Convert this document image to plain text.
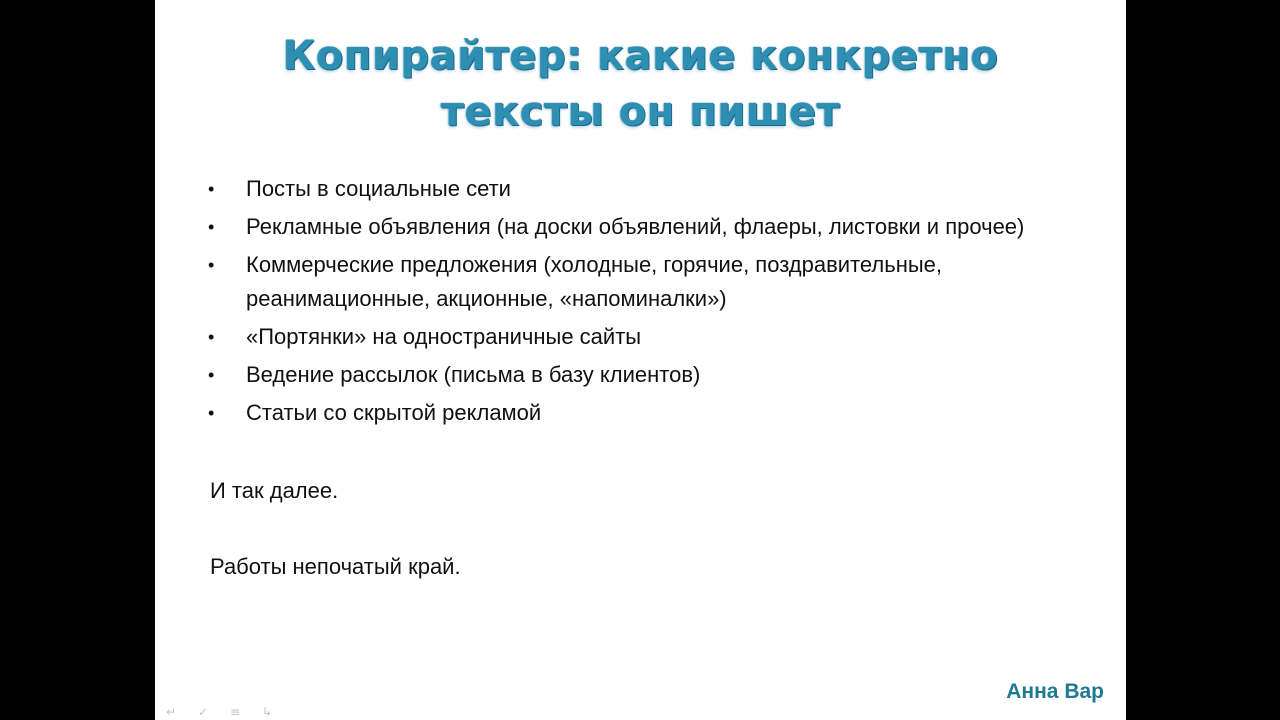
Копирайтер: какие конкретно
тексты он пишет
• Посты в социальные сети
• Рекламные объявления (на доски объявлений, флаеры, листовки и прочее)
• Коммерческие предложения (холодные, горячие, поздравительные, реанимационные, акционные, «напоминалки»)
• «Портянки» на одностраничные сайты
• Ведение рассылок (письма в базу клиентов)
• Статьи со скрытой рекламой
И так далее.
Работы непочатый край.
Анна Вар
↵	✓	≡	↳
